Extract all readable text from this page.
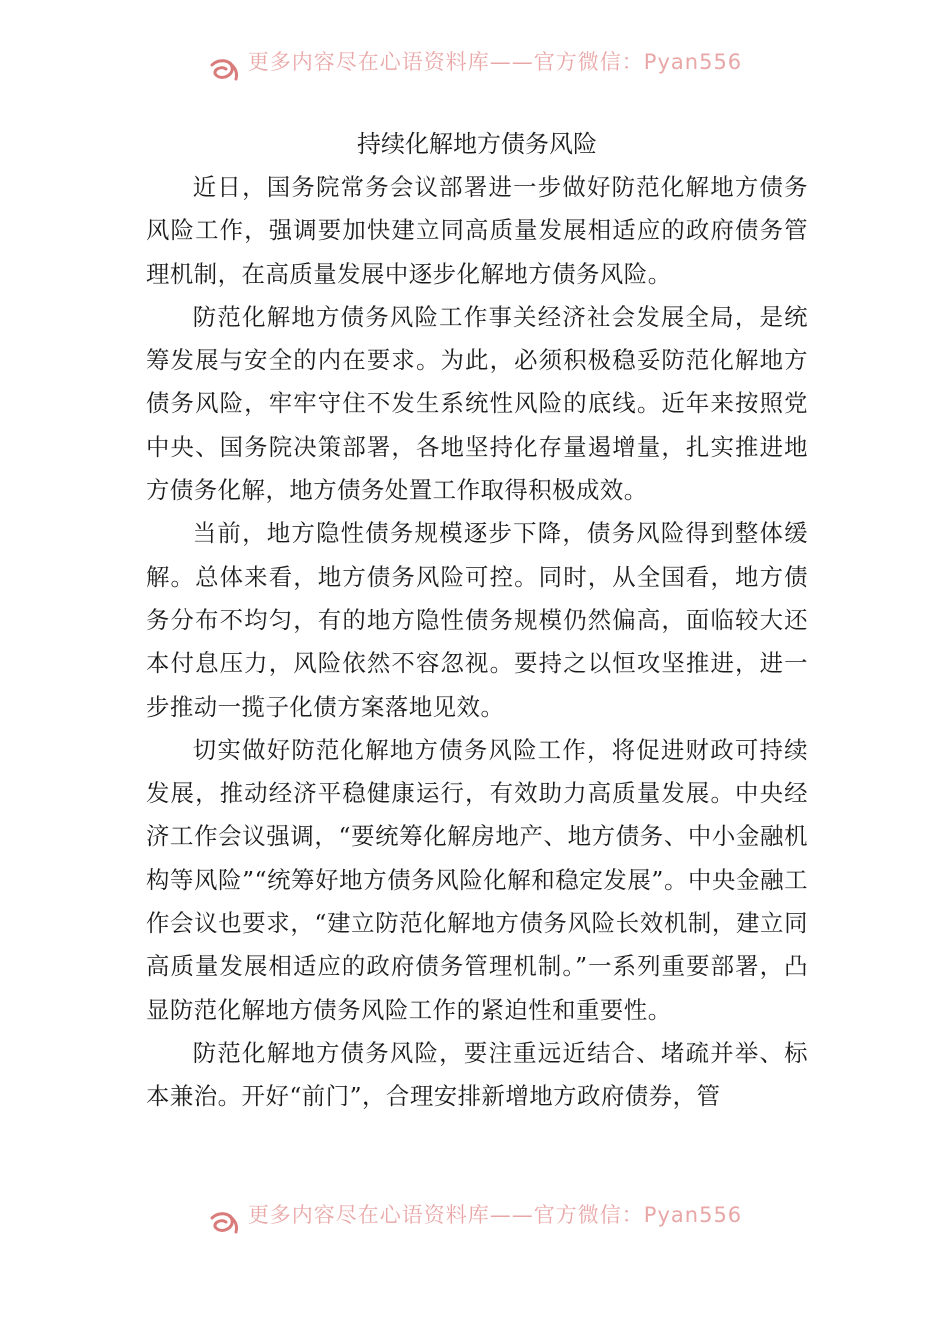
更多内容尽在心语资料库——官方微信：Pyan556
持续化解地方债务风险

近日，国务院常务会议部署进一步做好防范化解地方债务风险工作，强调要加快建立同高质量发展相适应的政府债务管理机制，在高质量发展中逐步化解地方债务风险。

防范化解地方债务风险工作事关经济社会发展全局，是统筹发展与安全的内在要求。为此，必须积极稳妥防范化解地方债务风险，牢牢守住不发生系统性风险的底线。近年来按照党中央、国务院决策部署，各地坚持化存量遏增量，扎实推进地方债务化解，地方债务处置工作取得积极成效。

当前，地方隐性债务规模逐步下降，债务风险得到整体缓解。总体来看，地方债务风险可控。同时，从全国看，地方债务分布不均匀，有的地方隐性债务规模仍然偏高，面临较大还本付息压力，风险依然不容忽视。要持之以恒攻坚推进，进一步推动一揽子化债方案落地见效。

切实做好防范化解地方债务风险工作，将促进财政可持续发展，推动经济平稳健康运行，有效助力高质量发展。中央经济工作会议强调，“要统筹化解房地产、地方债务、中小金融机构等风险”“统筹好地方债务风险化解和稳定发展”。中央金融工作会议也要求，“建立防范化解地方债务风险长效机制，建立同高质量发展相适应的政府债务管理机制。”一系列重要部署，凸显防范化解地方债务风险工作的紧迫性和重要性。

防范化解地方债务风险，要注重远近结合、堵疏并举、标本兼治。开好“前门”，合理安排新增地方政府债券，管

更多内容尽在心语资料库——官方微信：Pyan556
